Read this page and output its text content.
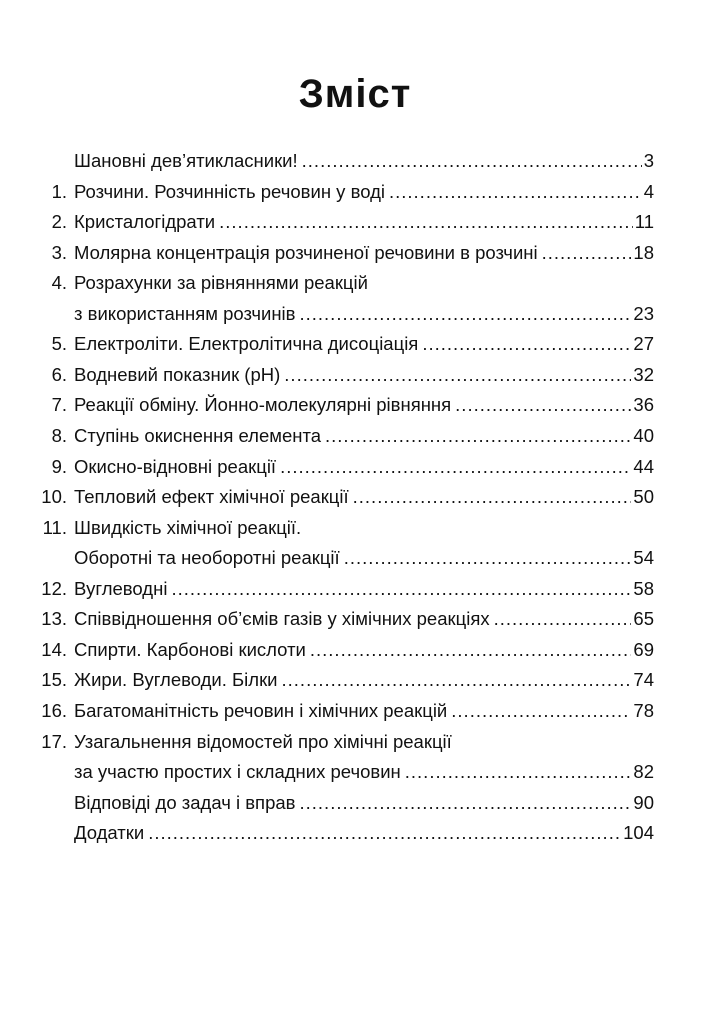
Зміст
Шановні дев’ятикласники! .....	3
1. Розчини. Розчинність речовин у воді .....	4
2. Кристалогідрати .....	11
3. Молярна концентрація розчиненої речовини в розчині .....	18
4. Розрахунки за рівняннями реакцій
з використанням розчинів .....	23
5. Електроліти. Електролітична дисоціація .....	27
6. Водневий показник (pH) .....	32
7. Реакції обміну. Йонно-молекулярні рівняння .....	36
8. Ступінь окиснення елемента .....	40
9. Окисно-відновні реакції .....	44
10. Тепловий ефект хімічної реакції .....	50
11. Швидкість хімічної реакції.
Оборотні та необоротні реакції .....	54
12. Вуглеводні .....	58
13. Співвідношення об’ємів газів у хімічних реакціях .....	65
14. Спирти. Карбонові кислоти .....	69
15. Жири. Вуглеводи. Білки .....	74
16. Багатоманітність речовин і хімічних реакцій .....	78
17. Узагальнення відомостей про хімічні реакції
за участю простих і складних речовин .....	82
Відповіді до задач і вправ .....	90
Додатки .....	104
